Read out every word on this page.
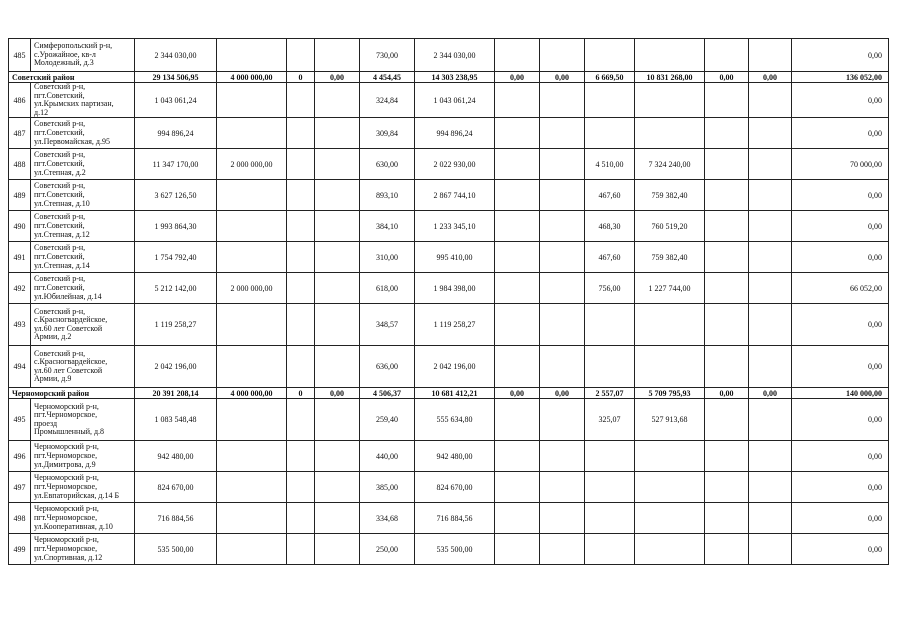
485	Симферопольский р-н,
с.Урожайное, кв-л
Молодежный, д.3	2 344 030,00				730,00	2 344 030,00							0,00
Советский район		29 134 506,95	4 000 000,00	0	0,00	4 454,45	14 303 238,95	0,00	0,00	6 669,50	10 831 268,00	0,00	0,00	136 052,00
486	Советский р-н,
пгт.Советский,
ул.Крымских партизан,
д.12	1 043 061,24				324,84	1 043 061,24							0,00
487	Советский р-н,
пгт.Советский,
ул.Первомайская, д.95	994 896,24				309,84	994 896,24							0,00
488	Советский р-н,
пгт.Советский,
ул.Степная, д.2	11 347 170,00	2 000 000,00			630,00	2 022 930,00			4 510,00	7 324 240,00			70 000,00
489	Советский р-н,
пгт.Советский,
ул.Степная, д.10	3 627 126,50				893,10	2 867 744,10			467,60	759 382,40			0,00
490	Советский р-н,
пгт.Советский,
ул.Степная, д.12	1 993 864,30				384,10	1 233 345,10			468,30	760 519,20			0,00
491	Советский р-н,
пгт.Советский,
ул.Степная, д.14	1 754 792,40				310,00	995 410,00			467,60	759 382,40			0,00
492	Советский р-н,
пгт.Советский,
ул.Юбилейная, д.14	5 212 142,00	2 000 000,00			618,00	1 984 398,00			756,00	1 227 744,00			66 052,00
493	Советский р-н,
с.Красногвардейское,
ул.60 лет Советской
Армии, д.2	1 119 258,27				348,57	1 119 258,27							0,00
494	Советский р-н,
с.Красногвардейское,
ул.60 лет Советской
Армии, д.9	2 042 196,00				636,00	2 042 196,00							0,00
Черноморский район		20 391 208,14	4 000 000,00	0	0,00	4 506,37	10 681 412,21	0,00	0,00	2 557,07	5 709 795,93	0,00	0,00	140 000,00
495	Черноморский р-н,
пгт.Черноморское,
проезд
Промышленный, д.8	1 083 548,48				259,40	555 634,80			325,07	527 913,68			0,00
496	Черноморский р-н,
пгт.Черноморское,
ул.Димитрова, д.9	942 480,00				440,00	942 480,00							0,00
497	Черноморский р-н,
пгт.Черноморское,
ул.Евпаторийская, д.14 Б	824 670,00				385,00	824 670,00							0,00
498	Черноморский р-н,
пгт.Черноморское,
ул.Кооперативная, д.10	716 884,56				334,68	716 884,56							0,00
499	Черноморский р-н,
пгт.Черноморское,
ул.Спортивная, д.12	535 500,00				250,00	535 500,00							0,00
